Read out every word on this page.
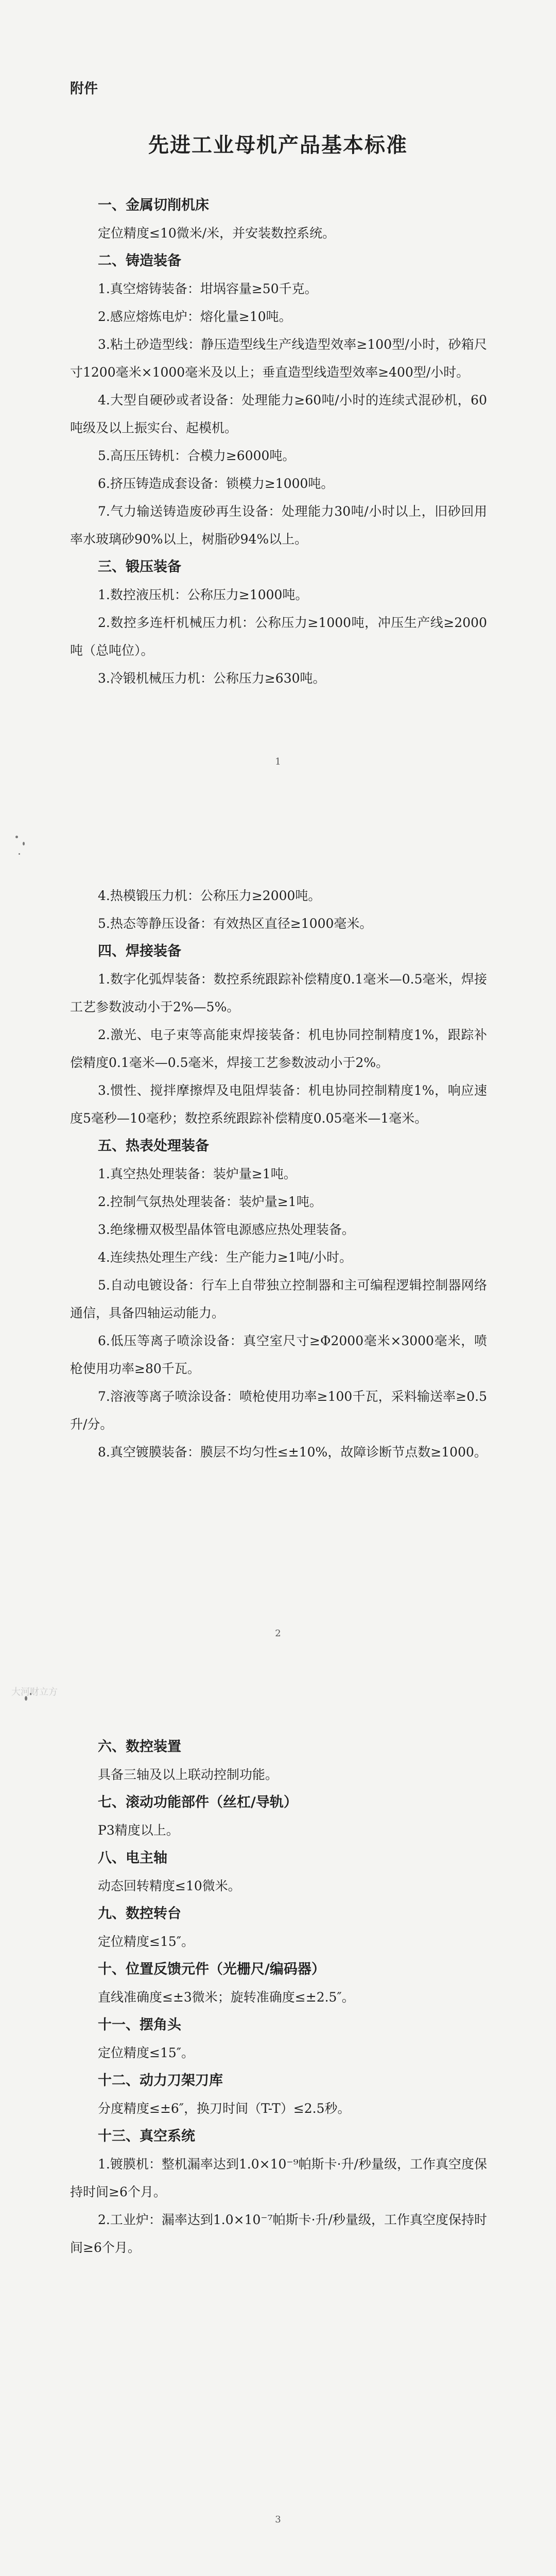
附件
先进工业母机产品基本标准
一、金属切削机床
定位精度≤10微米/米，并安装数控系统。
二、铸造装备
1.真空熔铸装备：坩埚容量≥50千克。
2.感应熔炼电炉：熔化量≥10吨。
3.粘土砂造型线：静压造型线生产线造型效率≥100型/小时，砂箱尺寸1200毫米×1000毫米及以上；垂直造型线造型效率≥400型/小时。
4.大型自硬砂或者设备：处理能力≥60吨/小时的连续式混砂机，60吨级及以上振实台、起模机。
5.高压压铸机：合模力≥6000吨。
6.挤压铸造成套设备：锁模力≥1000吨。
7.气力输送铸造废砂再生设备：处理能力30吨/小时以上，旧砂回用率水玻璃砂90%以上，树脂砂94%以上。
三、锻压装备
1.数控液压机：公称压力≥1000吨。
2.数控多连杆机械压力机：公称压力≥1000吨，冲压生产线≥2000吨（总吨位）。
3.冷锻机械压力机：公称压力≥630吨。
1
4.热模锻压力机：公称压力≥2000吨。
5.热态等静压设备：有效热区直径≥1000毫米。
四、焊接装备
1.数字化弧焊装备：数控系统跟踪补偿精度0.1毫米—0.5毫米，焊接工艺参数波动小于2%—5%。
2.激光、电子束等高能束焊接装备：机电协同控制精度1%，跟踪补偿精度0.1毫米—0.5毫米，焊接工艺参数波动小于2%。
3.惯性、搅拌摩擦焊及电阻焊装备：机电协同控制精度1%，响应速度5毫秒—10毫秒；数控系统跟踪补偿精度0.05毫米—1毫米。
五、热表处理装备
1.真空热处理装备：装炉量≥1吨。
2.控制气氛热处理装备：装炉量≥1吨。
3.绝缘栅双极型晶体管电源感应热处理装备。
4.连续热处理生产线：生产能力≥1吨/小时。
5.自动电镀设备：行车上自带独立控制器和主可编程逻辑控制器网络通信，具备四轴运动能力。
6.低压等离子喷涂设备：真空室尺寸≥Φ2000毫米×3000毫米，喷枪使用功率≥80千瓦。
7.溶液等离子喷涂设备：喷枪使用功率≥100千瓦，采料输送率≥0.5升/分。
8.真空镀膜装备：膜层不均匀性≤±10%，故障诊断节点数≥1000。
2
六、数控装置
具备三轴及以上联动控制功能。
七、滚动功能部件（丝杠/导轨）
P3精度以上。
八、电主轴
动态回转精度≤10微米。
九、数控转台
定位精度≤15″。
十、位置反馈元件（光栅尺/编码器）
直线准确度≤±3微米；旋转准确度≤±2.5″。
十一、摆角头
定位精度≤15″。
十二、动力刀架刀库
分度精度≤±6″，换刀时间（T-T）≤2.5秒。
十三、真空系统
1.镀膜机：整机漏率达到1.0×10⁻⁹帕斯卡·升/秒量级，工作真空度保持时间≥6个月。
2.工业炉：漏率达到1.0×10⁻⁷帕斯卡·升/秒量级，工作真空度保持时间≥6个月。
3
大河财立方
